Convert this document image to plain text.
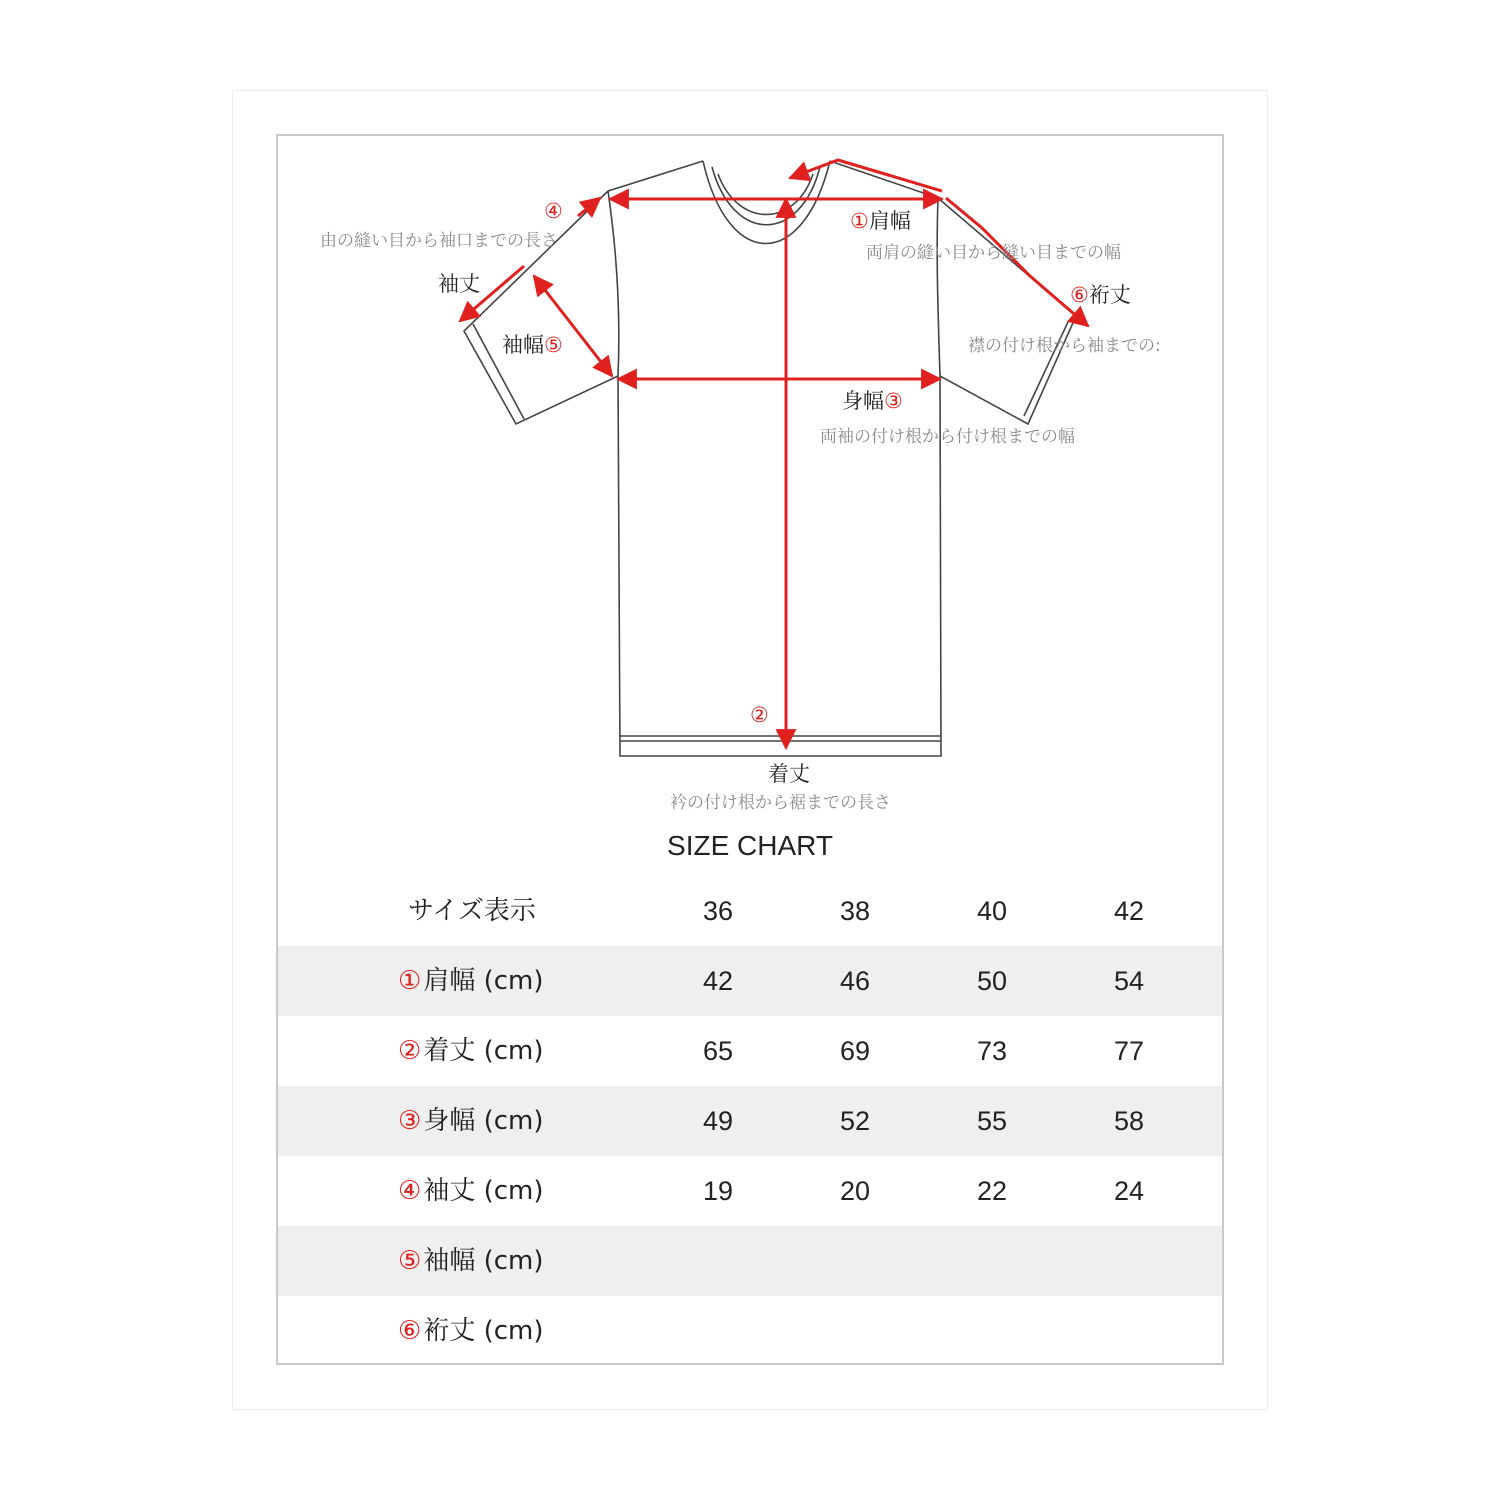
①肩幅
両肩の縫い目から縫い目までの幅
④
由の縫い目から袖口までの長さ
袖丈
袖幅⑤
⑥裄丈
襟の付け根から袖までの:
身幅③
両袖の付け根から付け根までの幅
②
着丈
衿の付け根から裾までの長さ
SIZE CHART
サイズ表示	36	38	40	42
①肩幅 (cm)	42	46	50	54
②着丈 (cm)	65	69	73	77
③身幅 (cm)	49	52	55	58
④袖丈 (cm)	19	20	22	24
⑤袖幅 (cm)
⑥裄丈 (cm)
